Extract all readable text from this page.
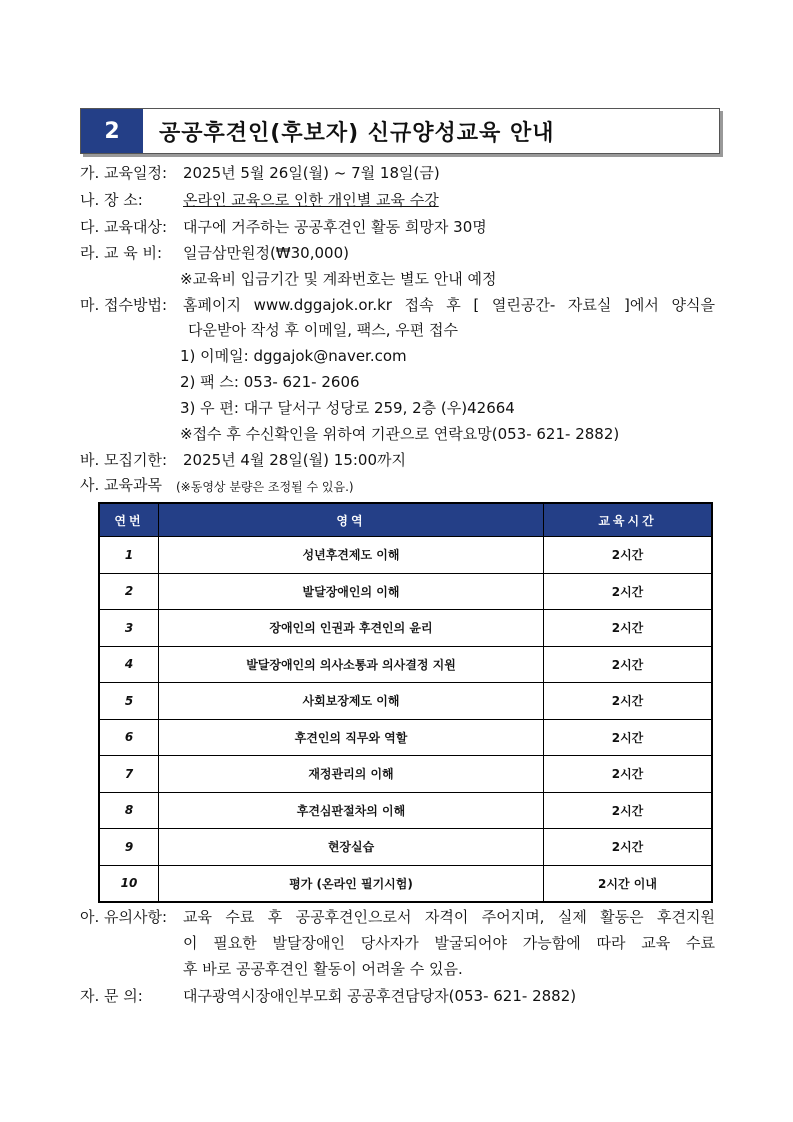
2	공공후견인(후보자) 신규양성교육 안내
가. 교육일정: 2025년 5월 26일(월) ~ 7월 18일(금)
나. 장 소:	온라인 교육으로 인한 개인별 교육 수강
다. 교육대상: 대구에 거주하는 공공후견인 활동 희망자 30명
라. 교 육 비: 일금삼만원정(₩30,000)
※교육비 입금기간 및 계좌번호는 별도 안내 예정
마. 접수방법: 홈페이지 www.dggajok.or.kr 접속 후 [ 열린공간- 자료실 ]에서 양식을
다운받아 작성 후 이메일, 팩스, 우편 접수
1) 이메일: dggajok@naver.com
2) 팩 스: 053- 621- 2606
3) 우 편: 대구 달서구 성당로 259, 2층 (우)42664
※접수 후 수신확인을 위하여 기관으로 연락요망(053- 621- 2882)
바. 모집기한: 2025년 4월 28일(월) 15:00까지
사. 교육과목 (※동영상 분량은 조정될 수 있음.)
연번	영역	교육시간
1	성년후견제도 이해	2시간
2	발달장애인의 이해	2시간
3	장애인의 인권과 후견인의 윤리	2시간
4	발달장애인의 의사소통과 의사결정 지원	2시간
5	사회보장제도 이해	2시간
6	후견인의 직무와 역할	2시간
7	재정관리의 이해	2시간
8	후견심판절차의 이해	2시간
9	현장실습	2시간
10	평가 (온라인 필기시험)	2시간 이내
아. 유의사항: 교육 수료 후 공공후견인으로서 자격이 주어지며, 실제 활동은 후견지원
이 필요한 발달장애인 당사자가 발굴되어야 가능함에 따라 교육 수료
후 바로 공공후견인 활동이 어려울 수 있음.
자. 문 의:	대구광역시장애인부모회 공공후견담당자(053- 621- 2882)
